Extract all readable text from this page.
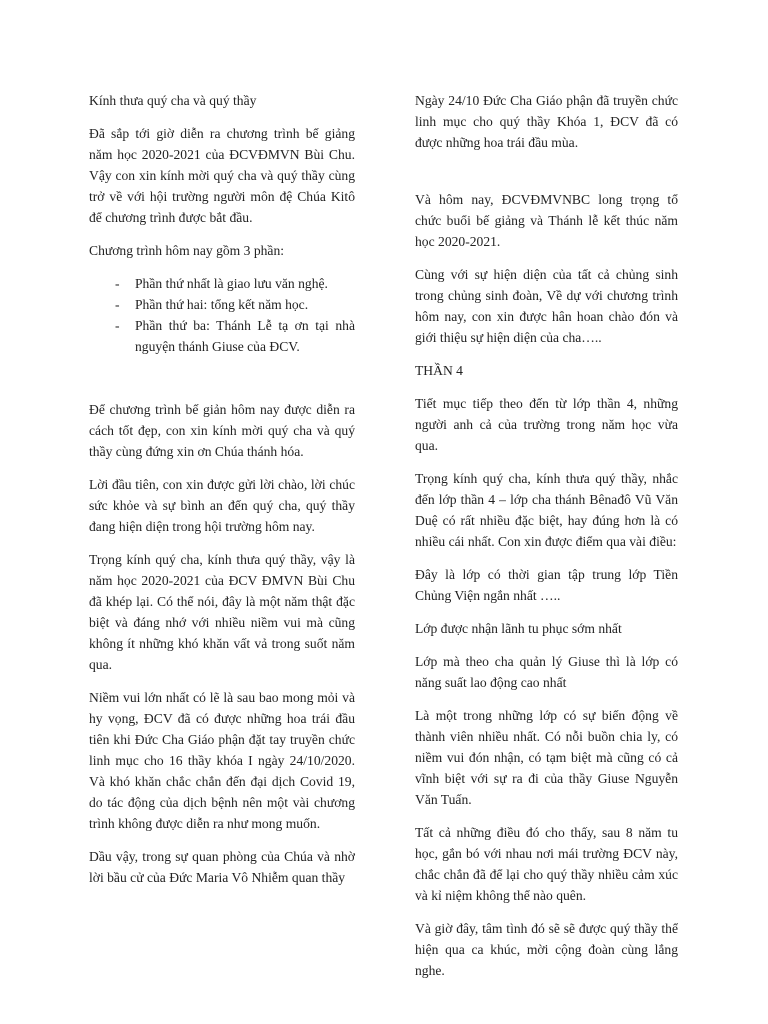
Kính thưa quý cha và quý thầy

Đã sắp tới giờ diễn ra chương trình bế giảng năm học 2020-2021 của ĐCVĐMVN Bùi Chu. Vậy con xin kính mời quý cha và quý thầy cùng trở về với hội trường người môn đệ Chúa Kitô để chương trình được bắt đầu.

Chương trình hôm nay gồm 3 phần:

- Phần thứ nhất là giao lưu văn nghệ.
- Phần thứ hai: tổng kết năm học.
- Phần thứ ba: Thánh Lễ tạ ơn tại nhà nguyện thánh Giuse của ĐCV.

Để chương trình bế giản hôm nay được diễn ra cách tốt đẹp, con xin kính mời quý cha và quý thầy cùng đứng xin ơn Chúa thánh hóa.

Lời đầu tiên, con xin được gửi lời chào, lời chúc sức khỏe và sự bình an đến quý cha, quý thầy đang hiện diện trong hội trường hôm nay.

Trọng kính quý cha, kính thưa quý thầy, vậy là năm học 2020-2021 của ĐCV ĐMVN Bùi Chu đã khép lại. Có thể nói, đây là một năm thật đặc biệt và đáng nhớ với nhiều niềm vui mà cũng không ít những khó khăn vất vả trong suốt năm qua.

Niềm vui lớn nhất có lẽ là sau bao mong mỏi và hy vọng, ĐCV đã có được những hoa trái đầu tiên khi Đức Cha Giáo phận đặt tay truyền chức linh mục cho 16 thầy khóa I ngày 24/10/2020. Và khó khăn chắc chắn đến đại dịch Covid 19, do tác động của dịch bệnh nên một vài chương trình không được diễn ra như mong muốn.

Dầu vậy, trong sự quan phòng của Chúa và nhờ lời bầu cử của Đức Maria Vô Nhiễm quan thầy

Ngày 24/10 Đức Cha Giáo phận đã truyền chức linh mục cho quý thầy Khóa 1, ĐCV đã có được những hoa trái đầu mùa.

Và hôm nay, ĐCVĐMVNBC long trọng tổ chức buổi bế giảng và Thánh lễ kết thúc năm học 2020-2021.

Cùng với sự hiện diện của tất cả chủng sinh trong chủng sinh đoàn, Về dự với chương trình hôm nay, con xin được hân hoan chào đón và giới thiệu sự hiện diện của cha…..

THẦN 4

Tiết mục tiếp theo đến từ lớp thần 4, những người anh cả của trường trong năm học vừa qua.

Trọng kính quý cha, kính thưa quý thầy, nhắc đến lớp thần 4 – lớp cha thánh Bênađô Vũ Văn Duệ có rất nhiều đặc biệt, hay đúng hơn là có nhiều cái nhất. Con xin được điểm qua vài điều:

Đây là lớp có thời gian tập trung lớp Tiền Chủng Viện ngắn nhất …..

Lớp được nhận lãnh tu phục sớm nhất

Lớp mà theo cha quản lý Giuse thì là lớp có năng suất lao động cao nhất

Là một trong những lớp có sự biến động về thành viên nhiều nhất. Có nỗi buồn chia ly, có niềm vui đón nhận, có tạm biệt mà cũng có cả vĩnh biệt với sự ra đi của thầy Giuse Nguyễn Văn Tuấn.

Tất cả những điều đó cho thấy, sau 8 năm tu học, gắn bó với nhau nơi mái trường ĐCV này, chắc chắn đã để lại cho quý thầy nhiều cảm xúc và kỉ niệm không thể nào quên.

Và giờ đây, tâm tình đó sẽ sẽ được quý thầy thể hiện qua ca khúc, mời cộng đoàn cùng lắng nghe.
